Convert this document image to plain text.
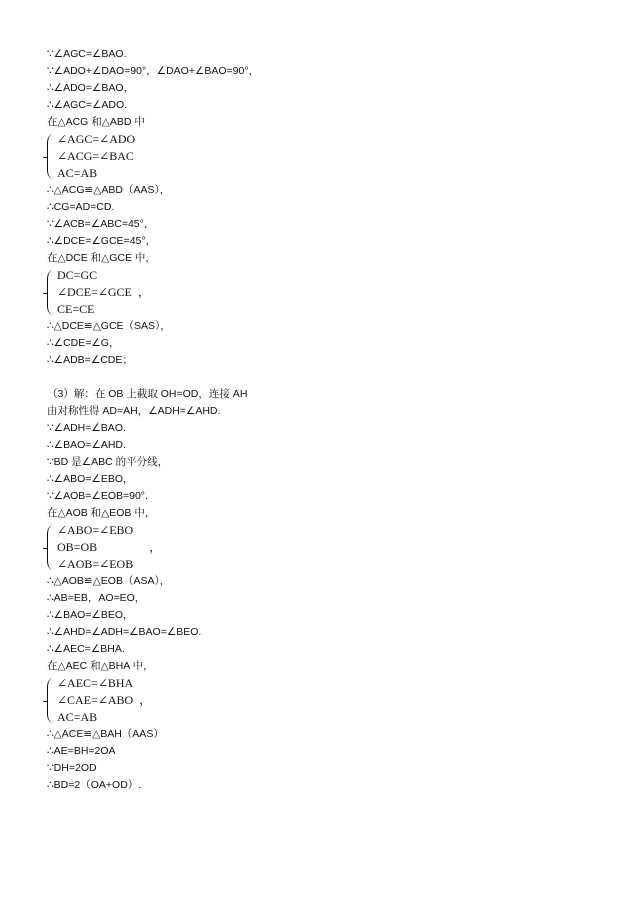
∵∠AGC=∠BAO.
∵∠ADO+∠DAO=90°，∠DAO+∠BAO=90°，
∴∠ADO=∠BAO，
∴∠AGC=∠ADO.
在△ACG 和△ABD 中
∠AGC=∠ADO
∠ACG=∠BAC
AC=AB
∴△ACG≌△ABD（AAS），
∴CG=AD=CD.
∵∠ACB=∠ABC=45°，
∴∠DCE=∠GCE=45°，
在△DCE 和△GCE 中，
DC=GC
∠DCE=∠GCE ，
CE=CE
∴△DCE≌△GCE（SAS），
∴∠CDE=∠G，
∴∠ADB=∠CDE；
（3）解：在 OB 上截取 OH=OD，连接 AH
由对称性得 AD=AH，∠ADH=∠AHD.
∵∠ADH=∠BAO.
∴∠BAO=∠AHD.
∵BD 是∠ABC 的平分线，
∴∠ABO=∠EBO，
∵∠AOB=∠EOB=90°.
在△AOB 和△EOB 中，
∠ABO=∠EBO
OB=OB	，
∠AOB=∠EOB
∴△AOB≌△EOB（ASA），
∴AB=EB，AO=EO，
∴∠BAO=∠BEO，
∴∠AHD=∠ADH=∠BAO=∠BEO.
∴∠AEC=∠BHA.
在△AEC 和△BHA 中，
∠AEC=∠BHA
∠CAE=∠ABO ，
AC=AB
∴△ACE≌△BAH（AAS）
∴AE=BH=2OA
∵DH=2OD
∴BD=2（OA+OD）.
